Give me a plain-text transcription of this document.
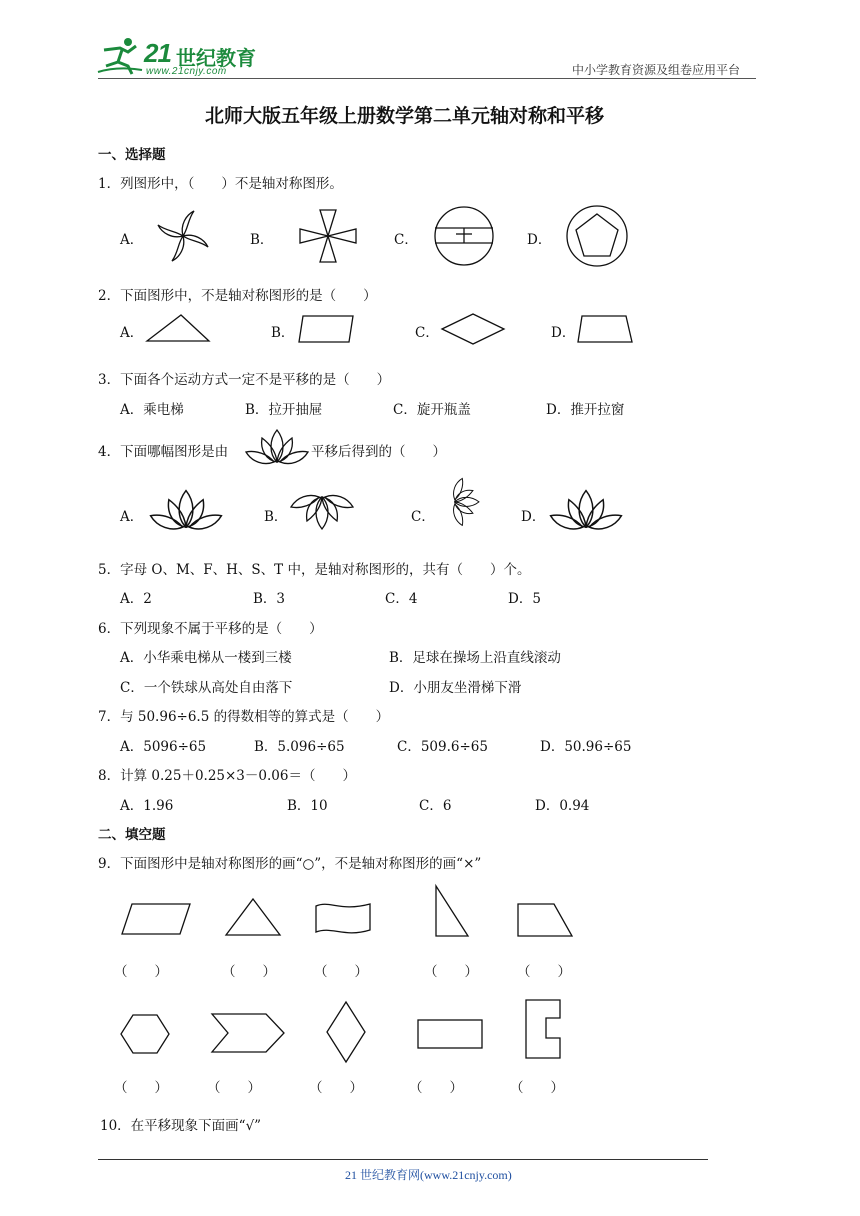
21 世纪教育
www.21cnjy.com	中小学教育资源及组卷应用平台
北师大版五年级上册数学第二单元轴对称和平移
一、选择题
1．列图形中，（　　）不是轴对称图形。
A．	B．	C．	D．
2．下面图形中，不是轴对称图形的是（　　）
A．	B．	C．	D．
3．下面各个运动方式一定不是平移的是（　　）
A．乘电梯	B．拉开抽屉	C．旋开瓶盖	D．推开拉窗
4．下面哪幅图形是由	平移后得到的（　　）
A．	B．	C．	D．
5．字母 O、M、F、H、S、T 中，是轴对称图形的，共有（　　）个。
A．2	B．3	C．4	D．5
6．下列现象不属于平移的是（　　）
A．小华乘电梯从一楼到三楼	B．足球在操场上沿直线滚动
C．一个铁球从高处自由落下	D．小朋友坐滑梯下滑
7．与 50.96÷6.5 的得数相等的算式是（　　）
A．5096÷65	B．5.096÷65	C．509.6÷65	D．50.96÷65
8．计算 0.25＋0.25×3－0.06＝（　　）
A．1.96	B．10	C．6	D．0.94
二、填空题
9．下面图形中是轴对称图形的画“○”，不是轴对称图形的画“×”
（　　）	（　　）	（　　）	（　　）	（　　）
（　　）	（　　）	（　　）	（　　）	（　　）
10．在平移现象下面画“√”
21 世纪教育网(www.21cnjy.com)
